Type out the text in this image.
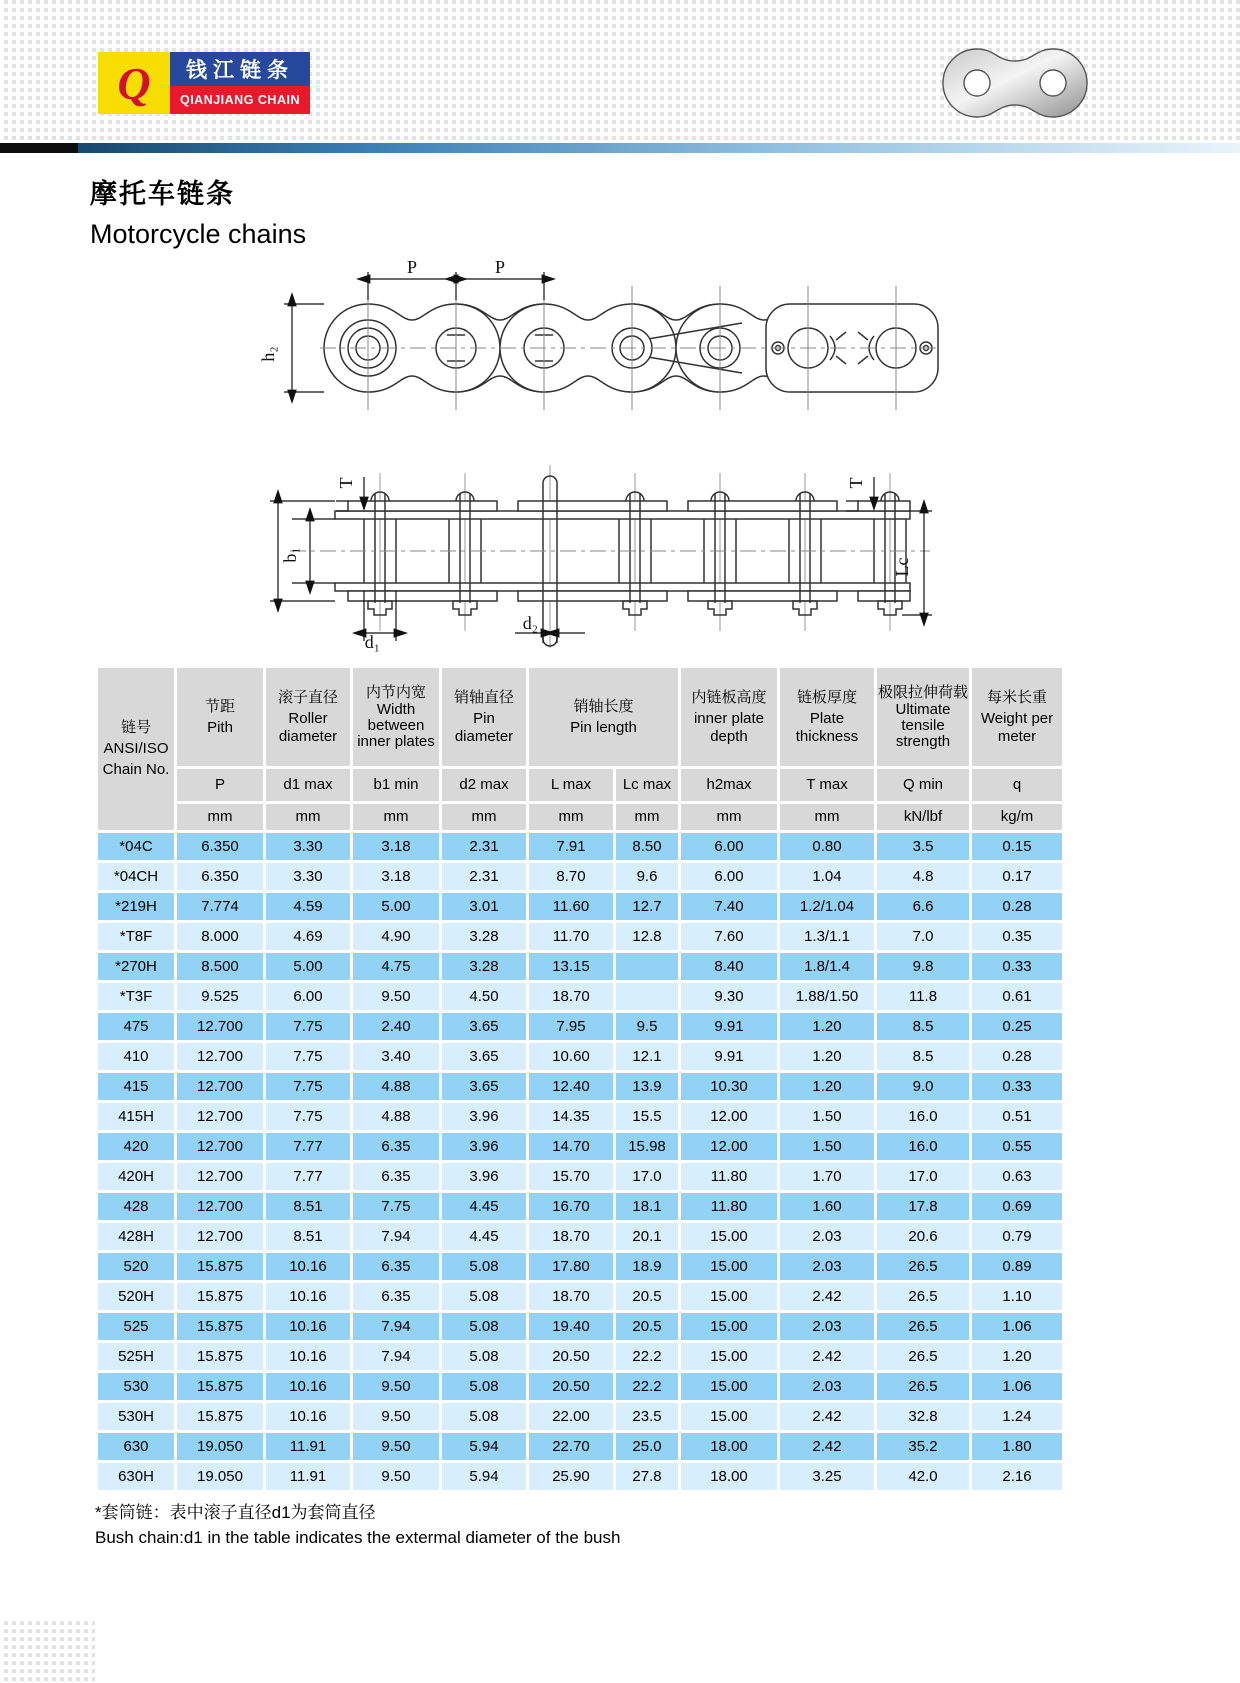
Q	钱江链条
QIANJIANG CHAIN
摩托车链条
Motorcycle chains
P	P
h₂
T	T
b₁
d₁
d₂
Lc
链号
ANSI/ISO
Chain No.

节距
Pith

滚子直径
Roller diameter

内节内宽
Width between inner plates

销轴直径
Pin diameter

销轴长度
Pin length

内链板高度
inner plate depth

链板厚度
Plate thickness

极限拉伸荷载
Ultimate tensile strength

每米长重
Weight per meter

	P	d1 max	b1 min	d2 max	L max	Lc max	h2max	T max	Q min	q
	mm	mm	mm	mm	mm	mm	mm	mm	kN/lbf	kg/m
*04C	6.350	3.30	3.18	2.31	7.91	8.50	6.00	0.80	3.5	0.15
*04CH	6.350	3.30	3.18	2.31	8.70	9.6	6.00	1.04	4.8	0.17
*219H	7.774	4.59	5.00	3.01	11.60	12.7	7.40	1.2/1.04	6.6	0.28
*T8F	8.000	4.69	4.90	3.28	11.70	12.8	7.60	1.3/1.1	7.0	0.35
*270H	8.500	5.00	4.75	3.28	13.15		8.40	1.8/1.4	9.8	0.33
*T3F	9.525	6.00	9.50	4.50	18.70		9.30	1.88/1.50	11.8	0.61
475	12.700	7.75	2.40	3.65	7.95	9.5	9.91	1.20	8.5	0.25
410	12.700	7.75	3.40	3.65	10.60	12.1	9.91	1.20	8.5	0.28
415	12.700	7.75	4.88	3.65	12.40	13.9	10.30	1.20	9.0	0.33
415H	12.700	7.75	4.88	3.96	14.35	15.5	12.00	1.50	16.0	0.51
420	12.700	7.77	6.35	3.96	14.70	15.98	12.00	1.50	16.0	0.55
420H	12.700	7.77	6.35	3.96	15.70	17.0	11.80	1.70	17.0	0.63
428	12.700	8.51	7.75	4.45	16.70	18.1	11.80	1.60	17.8	0.69
428H	12.700	8.51	7.94	4.45	18.70	20.1	15.00	2.03	20.6	0.79
520	15.875	10.16	6.35	5.08	17.80	18.9	15.00	2.03	26.5	0.89
520H	15.875	10.16	6.35	5.08	18.70	20.5	15.00	2.42	26.5	1.10
525	15.875	10.16	7.94	5.08	19.40	20.5	15.00	2.03	26.5	1.06
525H	15.875	10.16	7.94	5.08	20.50	22.2	15.00	2.42	26.5	1.20
530	15.875	10.16	9.50	5.08	20.50	22.2	15.00	2.03	26.5	1.06
530H	15.875	10.16	9.50	5.08	22.00	23.5	15.00	2.42	32.8	1.24
630	19.050	11.91	9.50	5.94	22.70	25.0	18.00	2.42	35.2	1.80
630H	19.050	11.91	9.50	5.94	25.90	27.8	18.00	3.25	42.0	2.16
*套筒链：表中滚子直径d1为套筒直径
Bush chain:d1 in the table indicates the extermal diameter of the bush
